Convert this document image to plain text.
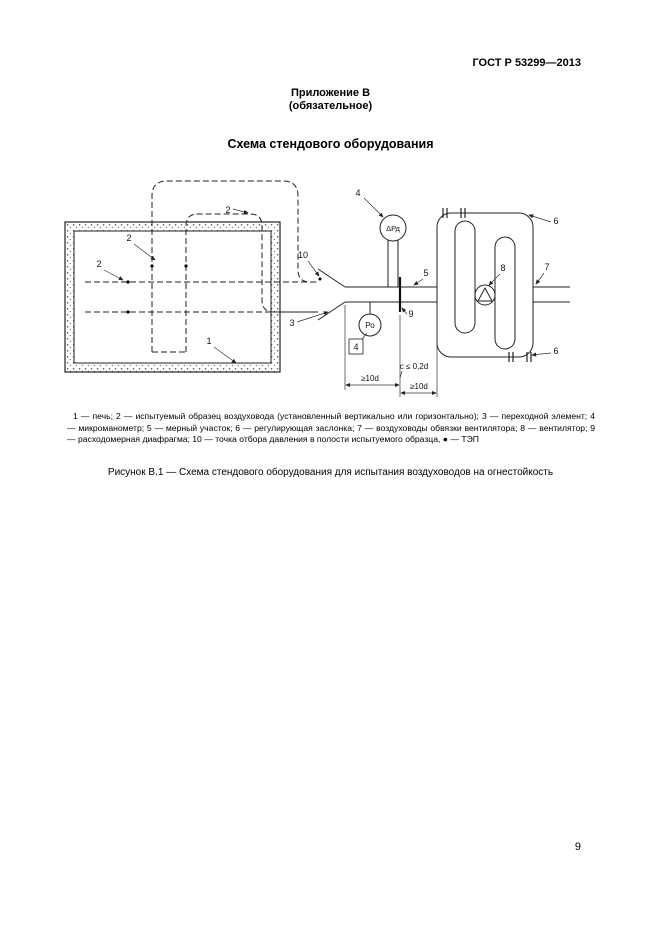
ГОСТ Р 53299—2013
Приложение В
(обязательное)
Схема стендового оборудования
ΔРд
Ро
4
≥10d
≥10d
с ≤ 0,2d
2
2
2
1
10
3
4
5
9
8	7
6
6
1 — печь; 2 — испытуемый образец воздуховода (установленный вертикально или горизонтально); 3 — переходной элемент; 4 — микроманометр; 5 — мерный участок; 6 — регулирующая заслонка; 7 — воздуховоды обвязки вентилятора; 8 — вентилятор; 9 — расходомерная диафрагма; 10 — точка отбора давления в полости испытуемого образца, ● — ТЭП
Рисунок В.1 — Схема стендового оборудования для испытания воздуховодов на огнестойкость
9
